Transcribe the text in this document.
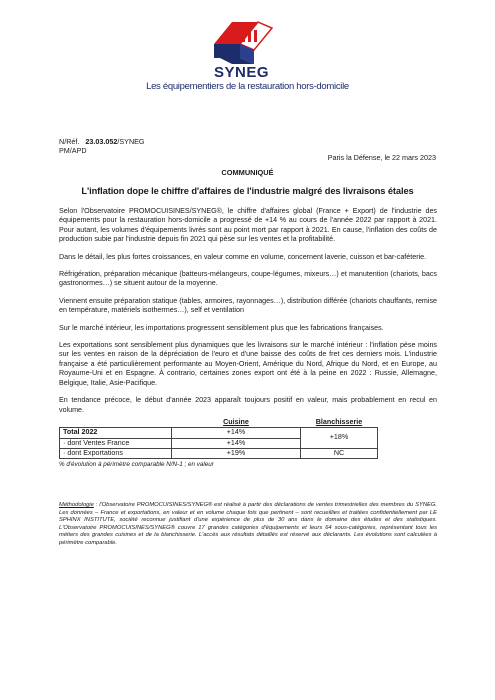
SYNEG
Les équipementiers de la restauration hors-domicile
N/Réf. 23.03.052/SYNEG
PM/APD
Paris la Défense, le 22 mars 2023
COMMUNIQUÉ
L'inflation dope le chiffre d'affaires de l'industrie malgré des livraisons étales

Selon l'Observatoire PROMOCUISINES/SYNEG®, le chiffre d'affaires global (France + Export) de l'industrie des équipements pour la restauration hors-domicile a progressé de +14 % au cours de l'année 2022 par rapport à 2021. Pour autant, les volumes d'équipements livrés sont au point mort par rapport à 2021. En cause, l'inflation des coûts de production subie par l'industrie depuis fin 2021 qui pèse sur les ventes et la profitabilité.

Dans le détail, les plus fortes croissances, en valeur comme en volume, concernent laverie, cuisson et bar-caféterie.

Réfrigération, préparation mécanique (batteurs-mélangeurs, coupe-légumes, mixeurs…) et manutention (chariots, bacs gastronormes…) se situent autour de la moyenne.

Viennent ensuite préparation statique (tables, armoires, rayonnages…), distribution différée (chariots chauffants, remise en température, matériels isothermes…), self et ventilation

Sur le marché intérieur, les importations progressent sensiblement plus que les fabrications françaises.

Les exportations sont sensiblement plus dynamiques que les livraisons sur le marché intérieur : l'inflation pèse moins sur les ventes en raison de la dépréciation de l'euro et d'une baisse des coûts de fret ces derniers mois. L'industrie française a été particulièrement performante au Moyen-Orient, Amérique du Nord, Afrique du Nord, et en Europe, au Royaume-Uni et en Espagne. À contrario, certaines zones export ont été à la peine en 2022 : Russie, Allemagne, Belgique, Italie, Asie-Pacifique.

En tendance précoce, le début d'année 2023 apparaît toujours positif en valeur, mais probablement en recul en volume.

	Cuisine	Blanchisserie
Total 2022	+14%	+18%
· dont Ventes France	+14%	
· dont Exportations	+19%	NC
% d'évolution à périmètre comparable N/N-1 ; en valeur
Méthodologie : l'Observatoire PROMOCUISINES/SYNEG® est réalisé à partir des déclarations de ventes trimestrielles des membres du SYNEG. Les données – France et exportations, en valeur et en volume chaque fois que pertinent – sont recueillies et traitées confidentiellement par LE SPHINX INSTITUTE, société reconnue justifiant d'une expérience de plus de 30 ans dans le domaine des études et des statistiques. L'Observatoire PROMOCUISINES/SYNEG® couvre 17 grandes catégories d'équipements et leurs 64 sous-catégories, représentant tous les métiers des grandes cuisines et de la blanchisserie. L'accès aux résultats détaillés est réservé aux déclarants. Les évolutions sont calculées à périmètre comparable.
